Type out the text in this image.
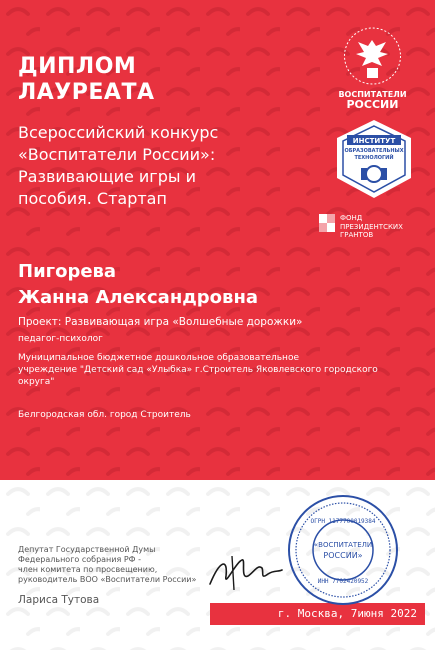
ДИПЛОМ
ЛАУРЕАТА
Всероссийский конкурс
«Воспитатели России»:
Развивающие игры и
пособия. Стартап
Пигорева
Жанна Александровна
Проект: Развивающая игра «Волшебные дорожки»
педагог-психолог
Муниципальное бюджетное дошкольное образовательное
учреждение "Детский сад «Улыбка» г.Строитель Яковлевского городского
округа"
Белгородская обл. город Строитель
ВОСПИТАТЕЛИ
РОССИИ
ИНСТИТУТ
ОБРАЗОВАТЕЛЬНЫХ
ТЕХНОЛОГИЙ
ФОНД
ПРЕЗИДЕНТСКИХ
ГРАНТОВ
Депутат Государственной Думы
Федерального собрания РФ -
член комитета по просвещению,
руководитель ВОО «Воспитатели России»
Лариса Тутова
г. Москва, 7июня 2022
«ВОСПИТАТЕЛИ
РОССИИ»
ОГРН 1177700019384
ИНН 7702420952
